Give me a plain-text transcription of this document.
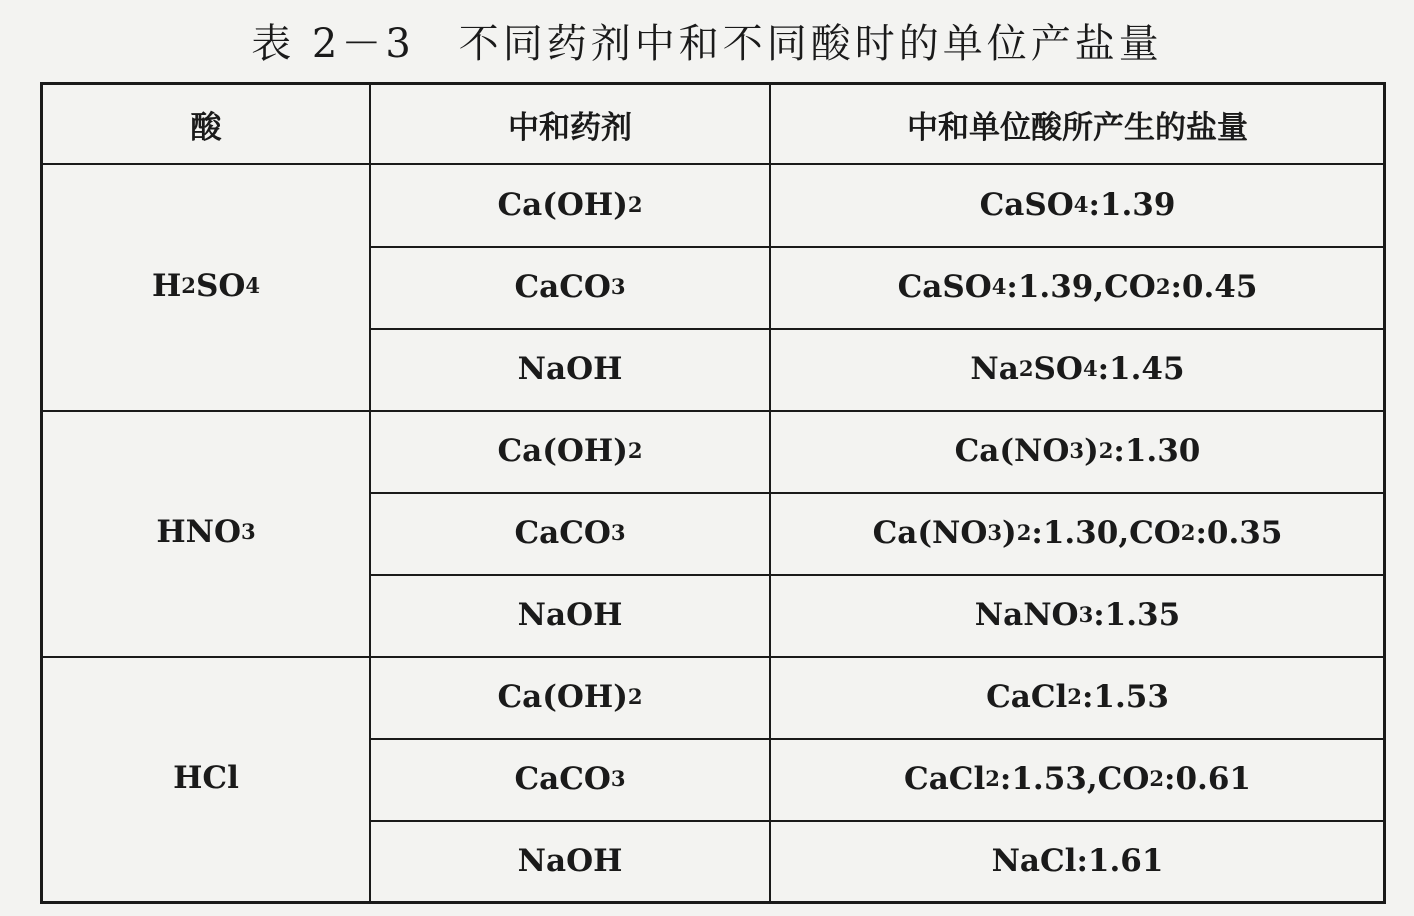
表 2－3　不同药剂中和不同酸时的单位产盐量
酸	中和药剂	中和单位酸所产生的盐量
H 2 SO 4
Ca(OH) 2	CaSO 4 :1.39
CaCO 3	CaSO 4 :1.39,CO 2 :0.45
NaOH	Na 2 SO 4 :1.45
HNO 3
Ca(OH) 2	Ca(NO 3 ) 2 :1.30
CaCO 3	Ca(NO 3 ) 2 :1.30,CO 2 :0.35
NaOH	NaNO 3 :1.35
HCl
Ca(OH) 2	CaCl 2 :1.53
CaCO 3	CaCl 2 :1.53,CO 2 :0.61
NaOH	NaCl:1.61
